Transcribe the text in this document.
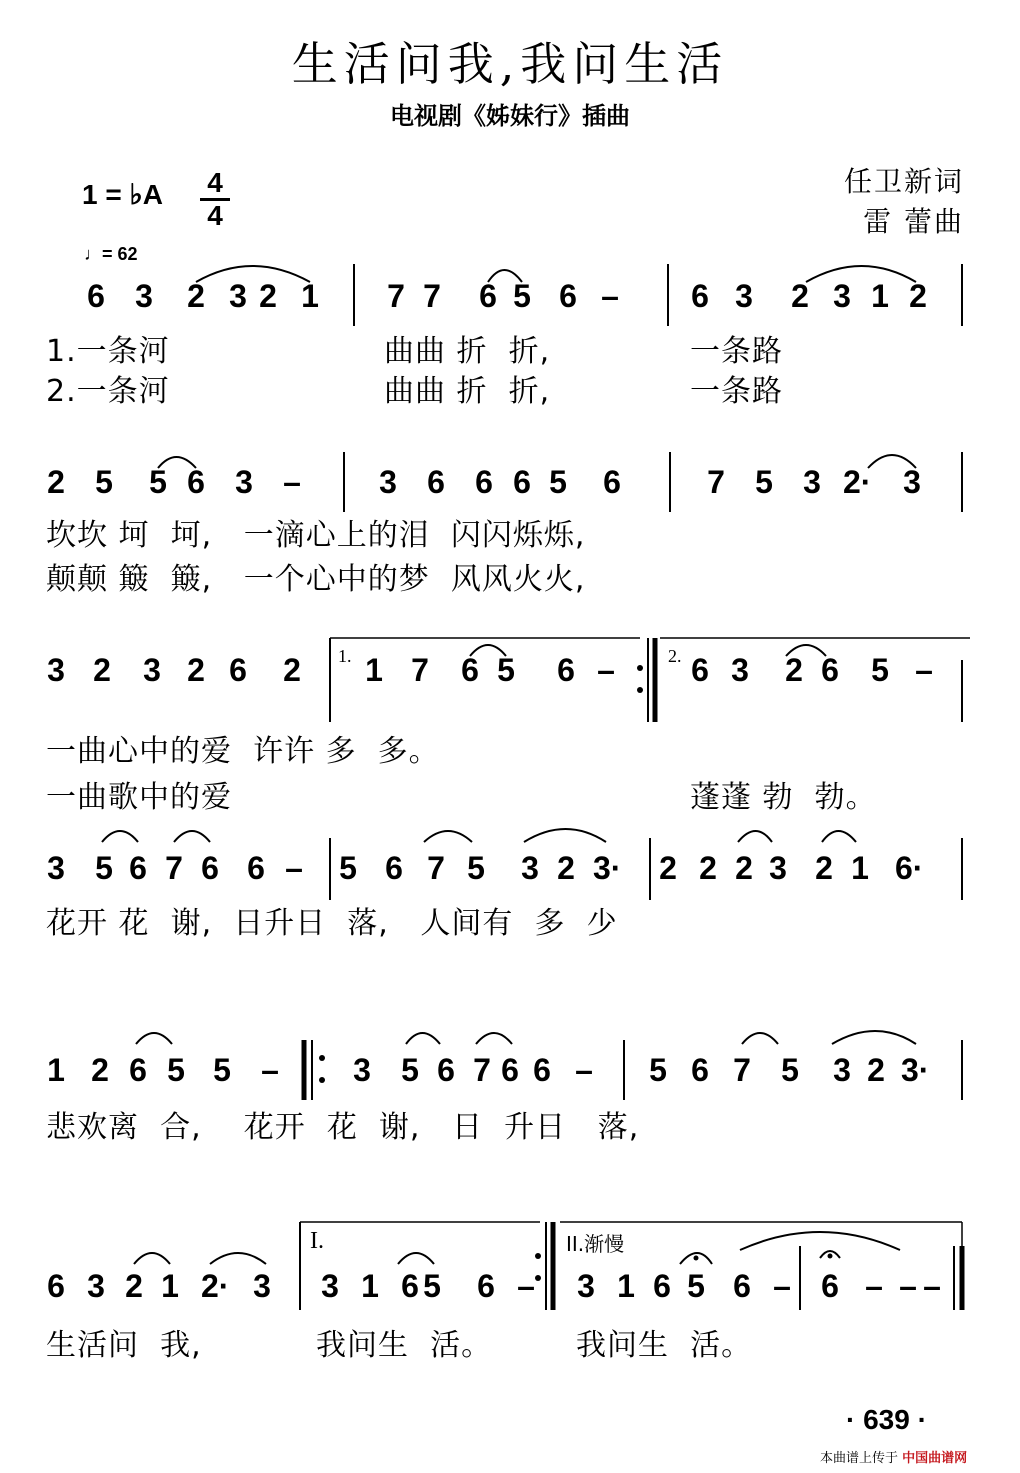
生活问我,我问生活
电视剧《姊妹行》插曲
1 = ♭A 4
4
任卫新词
雷 蕾曲
♩= 62
6 3 2 3 2 1 7 7 6 5 6 – 6 3 2 3 1 2
2 5 5 6 3 – 3 6 6 6 5 6	7 5 3 2· 3
3 2 3 2 6 2 1 7 6 5 6 – 6 3 2 6 5 –
3 5 6 7 6 6 – 5 6 7 5 3 2 3· 2 2 2 3 2 1 6·
1 2 6 5 5 – 3 5 6 7 6 6 – 5 6 7 5 3 2 3·
6 3 2 1 2· 3 3 1 6 5 6 – 3 1 6 5 6 – 6 – – –
1.一条河	曲曲 折  折,	一条路
2.一条河	曲曲 折  折,	一条路
坎坎 坷  坷,   一滴心上的泪  闪闪烁烁,
颠颠 簸  簸,   一个心中的梦  风风火火,
一曲心中的爱  许许 多  多。
一曲歌中的爱	蓬蓬 勃  勃。
花开 花  谢,  日升日  落,   人间有  多  少
悲欢离  合,    花开  花  谢,   日  升日   落,
生活问  我,	我问生  活。	我问生  活。
1.	2.
I.	II.渐慢
· 639 ·
本曲谱上传于 中国曲谱网
